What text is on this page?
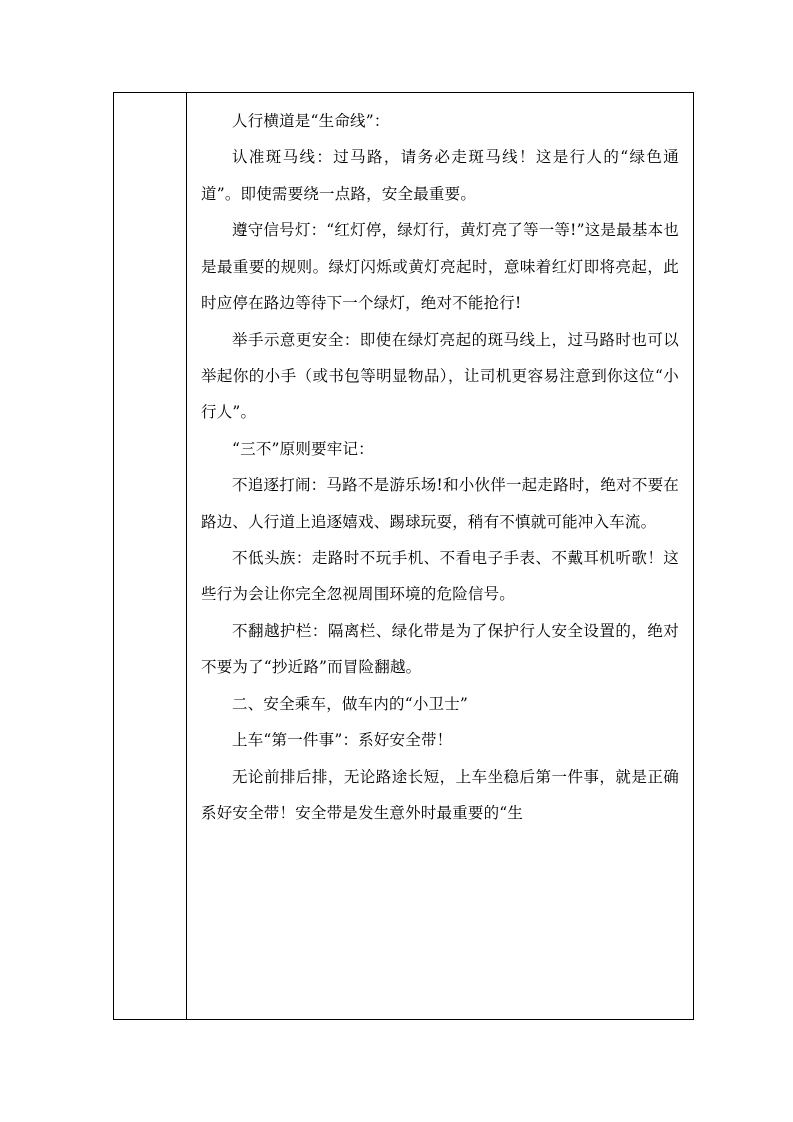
人行横道是“生命线”：

认准斑马线：过马路，请务必走斑马线！这是行人的“绿色通道”。即使需要绕一点路，安全最重要。

遵守信号灯：“红灯停，绿灯行，黄灯亮了等一等!”这是最基本也是最重要的规则。绿灯闪烁或黄灯亮起时，意味着红灯即将亮起，此时应停在路边等待下一个绿灯，绝对不能抢行!

举手示意更安全：即使在绿灯亮起的斑马线上，过马路时也可以举起你的小手（或书包等明显物品），让司机更容易注意到你这位“小行人”。

“三不”原则要牢记：

不追逐打闹：马路不是游乐场!和小伙伴一起走路时，绝对不要在路边、人行道上追逐嬉戏、踢球玩耍，稍有不慎就可能冲入车流。

不低头族：走路时不玩手机、不看电子手表、不戴耳机听歌！这些行为会让你完全忽视周围环境的危险信号。

不翻越护栏：隔离栏、绿化带是为了保护行人安全设置的，绝对不要为了“抄近路”而冒险翻越。

二、安全乘车，做车内的“小卫士”

上车“第一件事”：系好安全带！

无论前排后排，无论路途长短，上车坐稳后第一件事，就是正确系好安全带！安全带是发生意外时最重要的“生
